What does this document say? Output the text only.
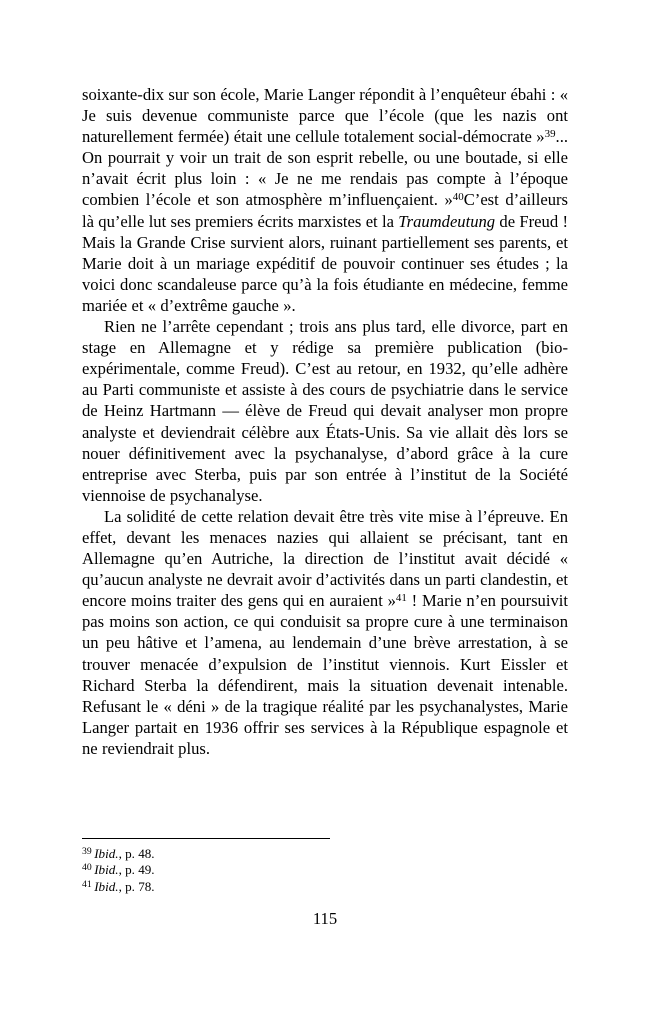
soixante-dix sur son école, Marie Langer répondit à l’enquêteur ébahi : « Je suis devenue communiste parce que l’école (que les nazis ont naturellement fermée) était une cellule totalement social-démocrate »$^{39}$... On pourrait y voir un trait de son esprit rebelle, ou une boutade, si elle n’avait écrit plus loin : « Je ne me rendais pas compte à l’époque combien l’école et son atmosphère m’influençaient. »$^{40}$C’est d’ailleurs là qu’elle lut ses premiers écrits marxistes et la Traumdeutung de Freud ! Mais la Grande Crise survient alors, ruinant partiellement ses parents, et Marie doit à un mariage expéditif de pouvoir continuer ses études ; la voici donc scandaleuse parce qu’à la fois étudiante en médecine, femme mariée et « d’extrême gauche ».

Rien ne l’arrête cependant ; trois ans plus tard, elle divorce, part en stage en Allemagne et y rédige sa première publication (bio-expérimentale, comme Freud). C’est au retour, en 1932, qu’elle adhère au Parti communiste et assiste à des cours de psychiatrie dans le service de Heinz Hartmann — élève de Freud qui devait analyser mon propre analyste et deviendrait célèbre aux États-Unis. Sa vie allait dès lors se nouer définitivement avec la psychanalyse, d’abord grâce à la cure entreprise avec Sterba, puis par son entrée à l’institut de la Société viennoise de psychanalyse.

La solidité de cette relation devait être très vite mise à l’épreuve. En effet, devant les menaces nazies qui allaient se précisant, tant en Allemagne qu’en Autriche, la direction de l’institut avait décidé « qu’aucun analyste ne devrait avoir d’activités dans un parti clandestin, et encore moins traiter des gens qui en auraient »$^{41}$ ! Marie n’en poursuivit pas moins son action, ce qui conduisit sa propre cure à une terminaison un peu hâtive et l’amena, au lendemain d’une brève arrestation, à se trouver menacée d’expulsion de l’institut viennois. Kurt Eissler et Richard Sterba la défendirent, mais la situation devenait intenable. Refusant le « déni » de la tragique réalité par les psychanalystes, Marie Langer partait en 1936 offrir ses services à la République espagnole et ne reviendrait plus.

$^{39}$ Ibid., p. 48.
$^{40}$ Ibid., p. 49.
$^{41}$ Ibid., p. 78.
115
